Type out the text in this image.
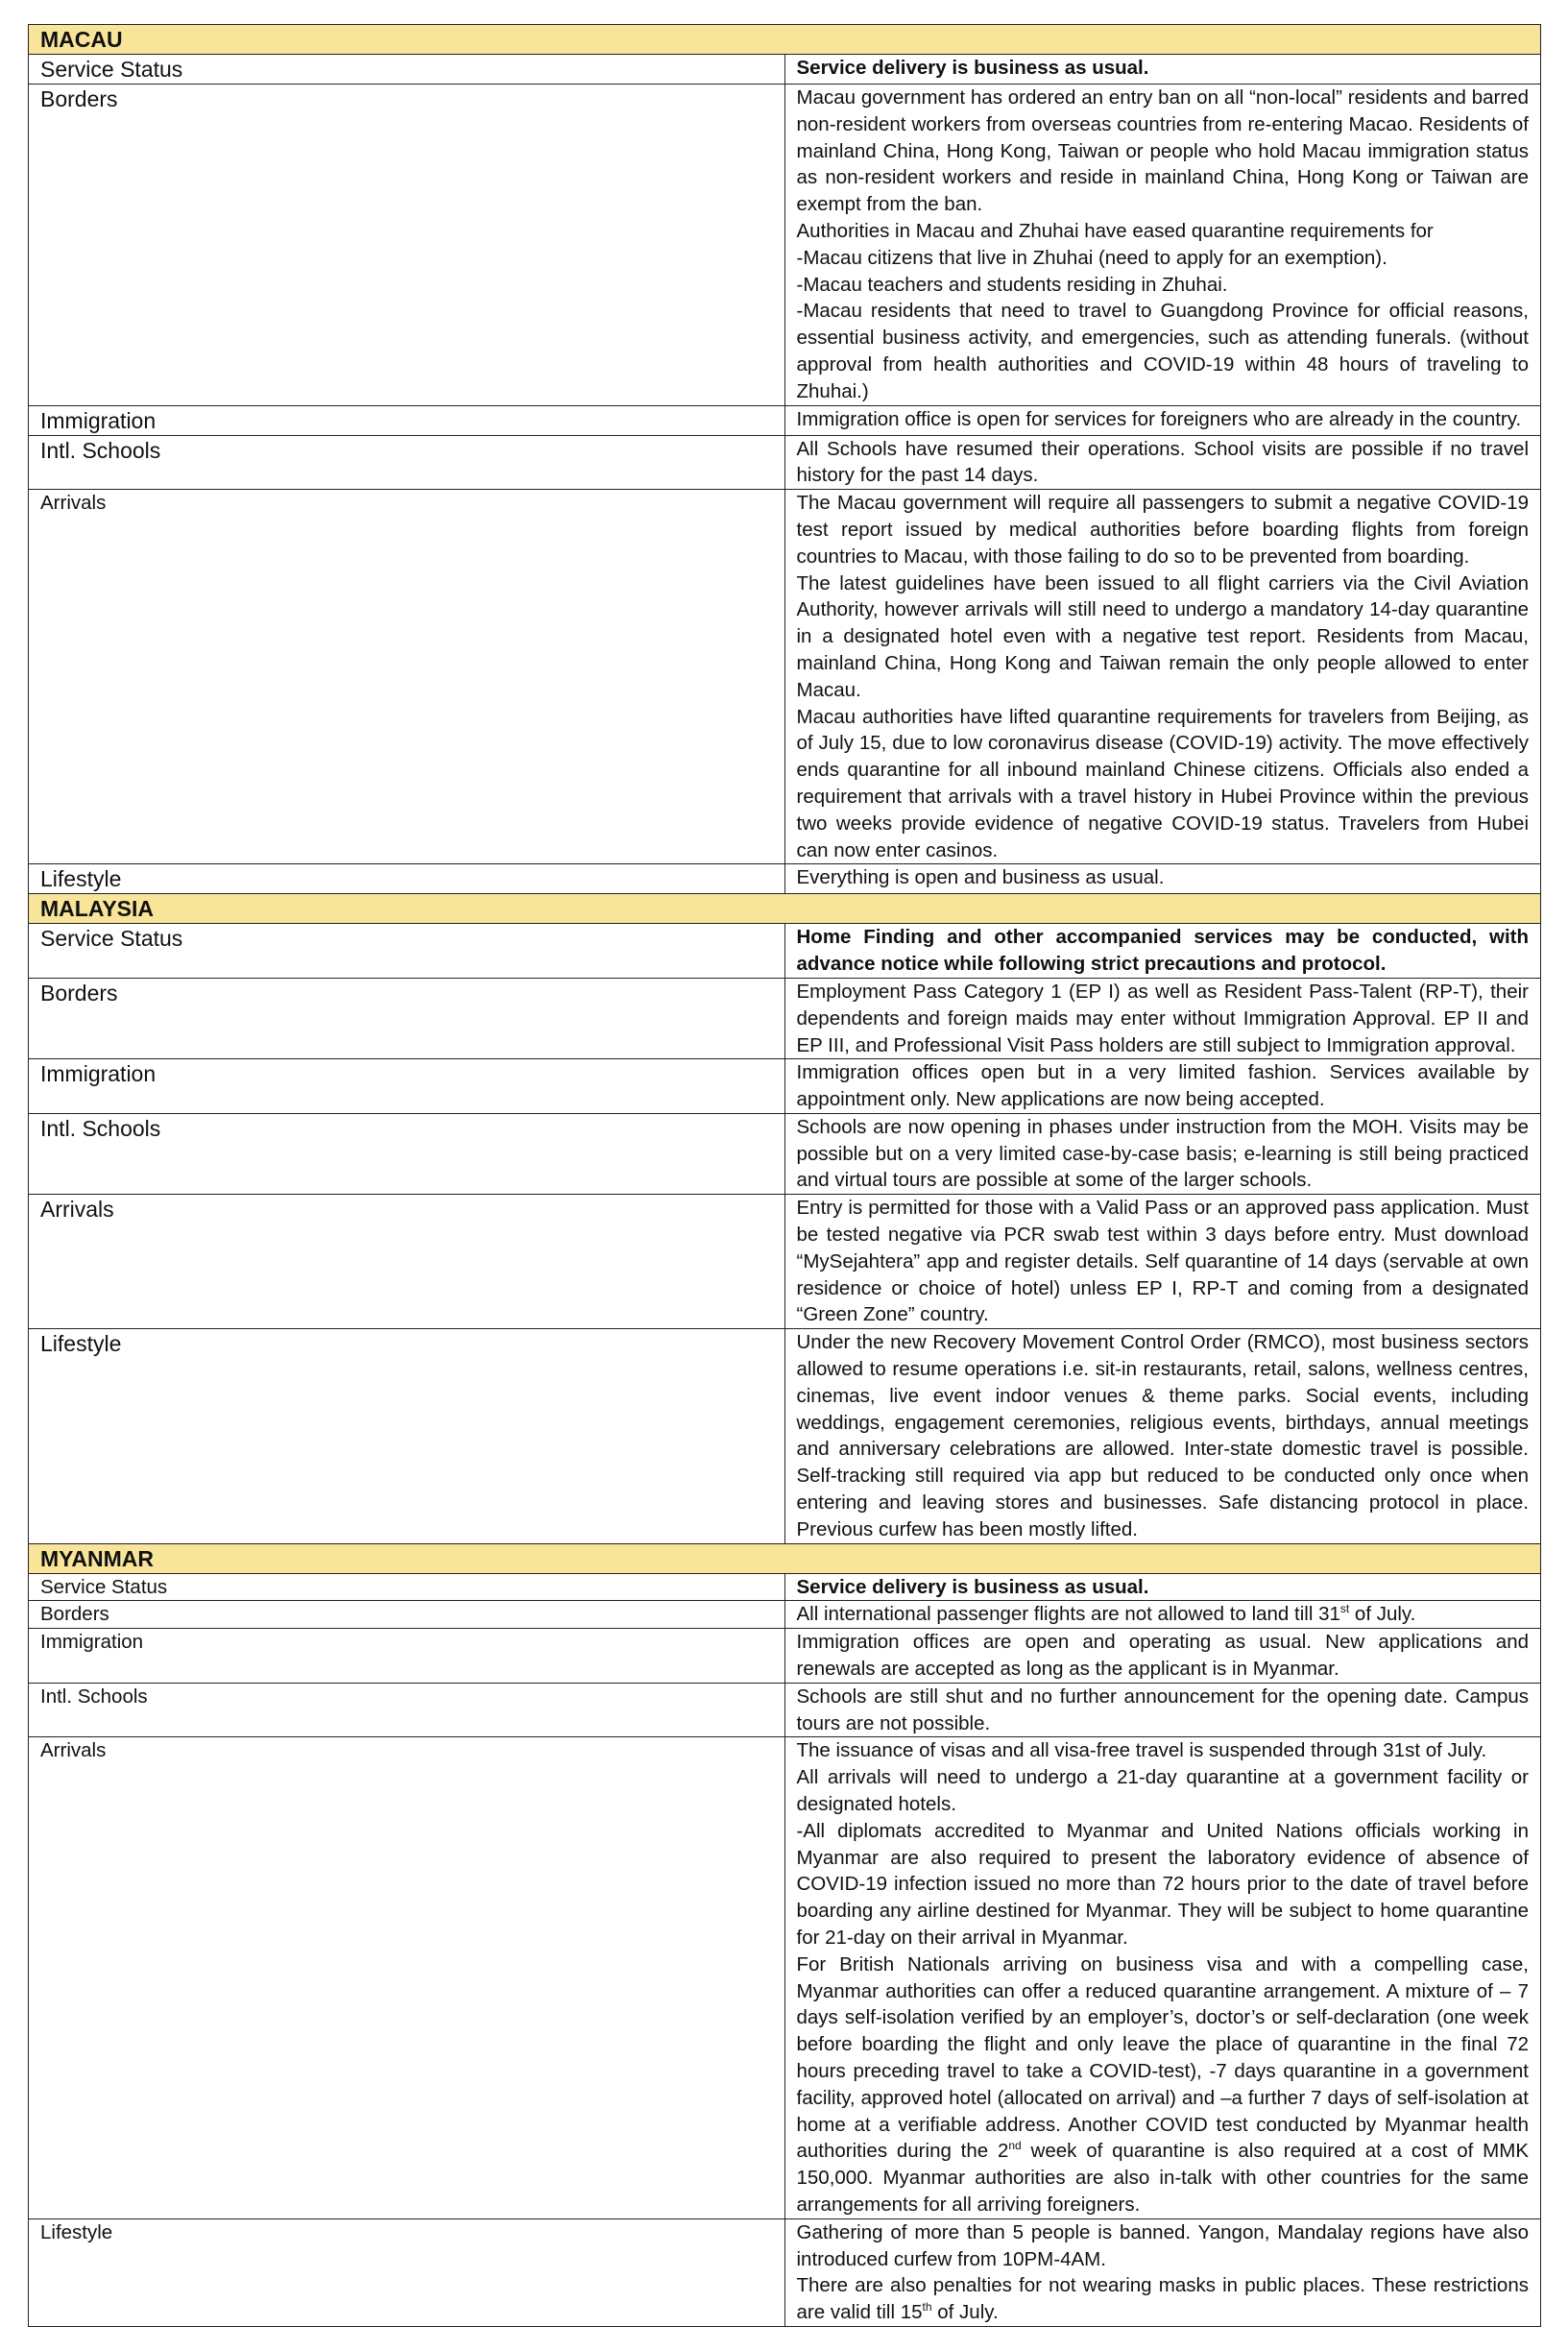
MACAU	
Service Status	Service delivery is business as usual.
Borders	Macau government has ordered an entry ban on all “non-local” residents and barred non-resident workers from overseas countries from re-entering Macao. Residents of mainland China, Hong Kong, Taiwan or people who hold Macau immigration status as non-resident workers and reside in mainland China, Hong Kong or Taiwan are exempt from the ban.
Authorities in Macau and Zhuhai have eased quarantine requirements for
-Macau citizens that live in Zhuhai (need to apply for an exemption).
-Macau teachers and students residing in Zhuhai.
-Macau residents that need to travel to Guangdong Province for official reasons, essential business activity, and emergencies, such as attending funerals. (without approval from health authorities and COVID-19 within 48 hours of traveling to Zhuhai.)

Immigration	Immigration office is open for services for foreigners who are already in the country.
Intl. Schools	All Schools have resumed their operations. School visits are possible if no travel history for the past 14 days.
Arrivals	The Macau government will require all passengers to submit a negative COVID-19 test report issued by medical authorities before boarding flights from foreign countries to Macau, with those failing to do so to be prevented from boarding.
The latest guidelines have been issued to all flight carriers via the Civil Aviation Authority, however arrivals will still need to undergo a mandatory 14-day quarantine in a designated hotel even with a negative test report. Residents from Macau, mainland China, Hong Kong and Taiwan remain the only people allowed to enter Macau.
Macau authorities have lifted quarantine requirements for travelers from Beijing, as of July 15, due to low coronavirus disease (COVID-19) activity. The move effectively ends quarantine for all inbound mainland Chinese citizens. Officials also ended a requirement that arrivals with a travel history in Hubei Province within the previous two weeks provide evidence of negative COVID-19 status. Travelers from Hubei can now enter casinos.

Lifestyle	Everything is open and business as usual.
MALAYSIA	
Service Status	Home Finding and other accompanied services may be conducted, with advance notice while following strict precautions and protocol.
Borders	Employment Pass Category 1 (EP I) as well as Resident Pass-Talent (RP-T), their dependents and foreign maids may enter without Immigration Approval. EP II and EP III, and Professional Visit Pass holders are still subject to Immigration approval.
Immigration	Immigration offices open but in a very limited fashion. Services available by appointment only. New applications are now being accepted.
Intl. Schools	Schools are now opening in phases under instruction from the MOH. Visits may be possible but on a very limited case-by-case basis; e-learning is still being practiced and virtual tours are possible at some of the larger schools.
Arrivals	Entry is permitted for those with a Valid Pass or an approved pass application. Must be tested negative via PCR swab test within 3 days before entry. Must download “MySejahtera” app and register details. Self quarantine of 14 days (servable at own residence or choice of hotel) unless EP I, RP-T and coming from a designated “Green Zone” country.
Lifestyle	Under the new Recovery Movement Control Order (RMCO), most business sectors allowed to resume operations i.e. sit-in restaurants, retail, salons, wellness centres, cinemas, live event indoor venues & theme parks. Social events, including weddings, engagement ceremonies, religious events, birthdays, annual meetings and anniversary celebrations are allowed. Inter-state domestic travel is possible. Self-tracking still required via app but reduced to be conducted only once when entering and leaving stores and businesses. Safe distancing protocol in place. Previous curfew has been mostly lifted.
MYANMAR	
Service Status	Service delivery is business as usual.
Borders	All international passenger flights are not allowed to land till 31st of July.
Immigration	Immigration offices are open and operating as usual. New applications and renewals are accepted as long as the applicant is in Myanmar.
Intl. Schools	Schools are still shut and no further announcement for the opening date. Campus tours are not possible.
Arrivals	The issuance of visas and all visa-free travel is suspended through 31st of July.
All arrivals will need to undergo a 21-day quarantine at a government facility or designated hotels.
-All diplomats accredited to Myanmar and United Nations officials working in Myanmar are also required to present the laboratory evidence of absence of COVID-19 infection issued no more than 72 hours prior to the date of travel before boarding any airline destined for Myanmar. They will be subject to home quarantine for 21-day on their arrival in Myanmar.
For British Nationals arriving on business visa and with a compelling case, Myanmar authorities can offer a reduced quarantine arrangement. A mixture of – 7 days self-isolation verified by an employer’s, doctor’s or self-declaration (one week before boarding the flight and only leave the place of quarantine in the final 72 hours preceding travel to take a COVID-test), -7 days quarantine in a government facility, approved hotel (allocated on arrival) and –a further 7 days of self-isolation at home at a verifiable address. Another COVID test conducted by Myanmar health authorities during the 2nd week of quarantine is also required at a cost of MMK 150,000. Myanmar authorities are also in-talk with other countries for the same arrangements for all arriving foreigners.

Lifestyle	Gathering of more than 5 people is banned. Yangon, Mandalay regions have also introduced curfew from 10PM-4AM.
There are also penalties for not wearing masks in public places. These restrictions are valid till 15th of July.
